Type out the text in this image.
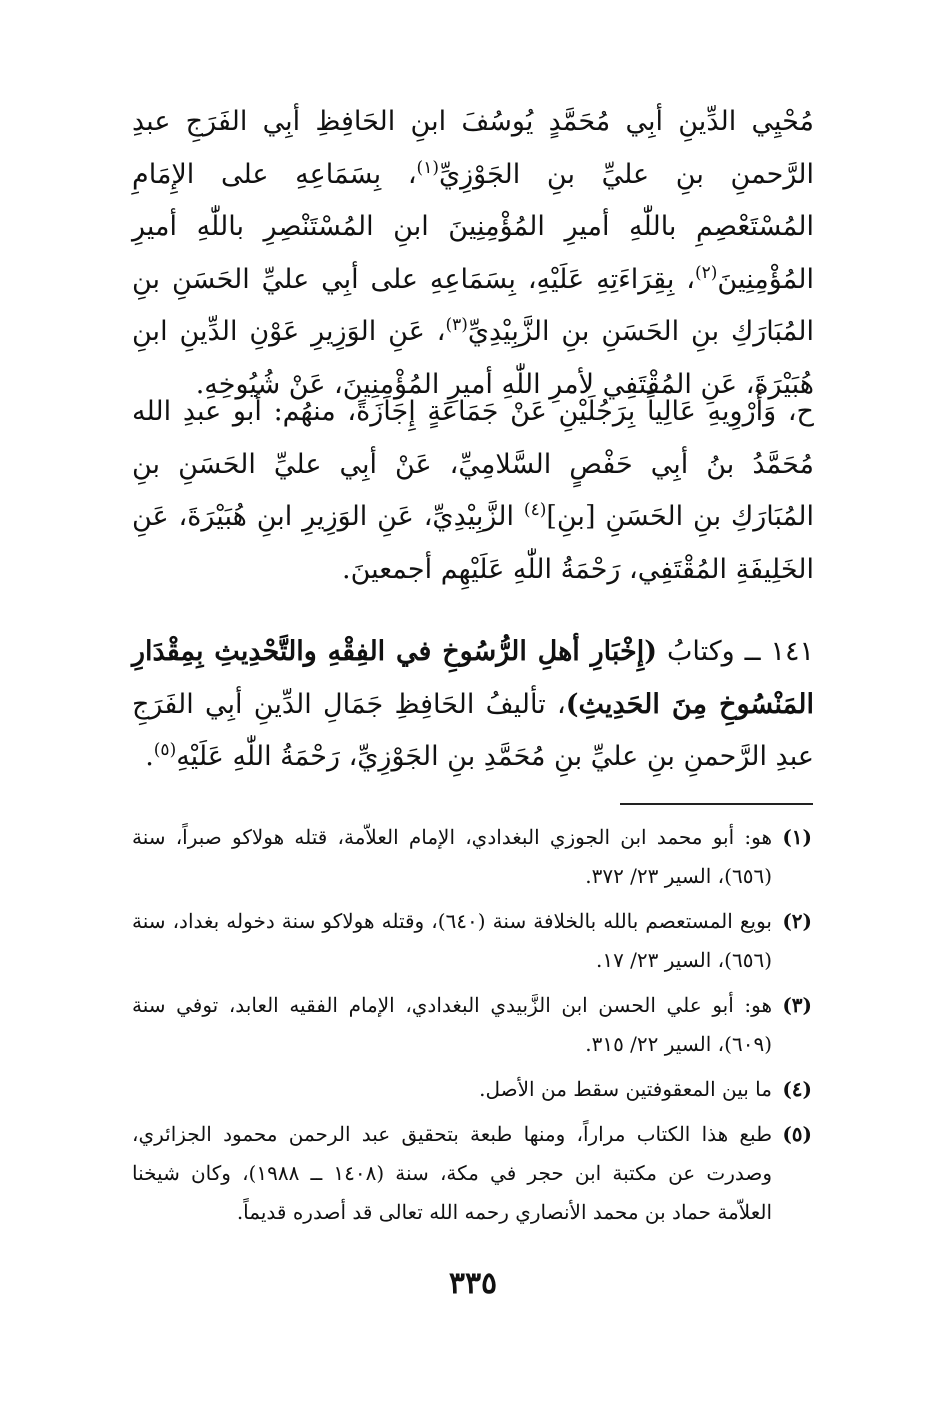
مُحْيِي الدِّينِ أبِي مُحَمَّدٍ يُوسُفَ ابنِ الحَافِظِ أبِي الفَرَجِ عبدِ الرَّحمنِ بنِ عليِّ بنِ الجَوْزِيِّ$^{(١)}$، بِسَمَاعِهِ على الإِمَامِ المُسْتَعْصِمِ باللّٰهِ أميرِ المُؤْمِنِينَ ابنِ المُسْتَنْصِرِ باللّٰهِ أميرِ المُؤْمِنِينَ$^{(٢)}$، بِقِرَاءَتِهِ عَلَيْهِ، بِسَمَاعِهِ على أبِي عليِّ الحَسَنِ بنِ المُبَارَكِ بنِ الحَسَنِ بنِ الزَّبِيْدِيِّ$^{(٣)}$، عَنِ الوَزِيرِ عَوْنِ الدِّينِ ابنِ هُبَيْرَةَ، عَنِ المُقْتَفِي لأمرِ اللّٰهِ أميرِ المُؤْمِنِينَ، عَنْ شُيُوخِهِ.

ح، وَأَرْوِيهِ عَالِياً بِرَجُلَيْنِ عَنْ جَمَاعَةٍ إِجَازَةً، منهُم: أبو عبدِ الله مُحَمَّدُ بنُ أبِي حَفْصٍ السَّلامِيِّ، عَنْ أبِي عليِّ الحَسَنِ بنِ المُبَارَكِ بنِ الحَسَنِ [بنِ]$^{(٤)}$ الزَّبِيْدِيِّ، عَنِ الوَزِيرِ ابنِ هُبَيْرَةَ، عَنِ الخَلِيفَةِ المُقْتَفِي، رَحْمَةُ اللّٰهِ عَلَيْهِم أجمعينَ.

١٤١ ــ وكتابُ (إِخْبَارِ أهلِ الرُّسُوخِ في الفِقْهِ والتَّحْدِيثِ بِمِقْدَارِ المَنْسُوخِ مِنَ الحَدِيثِ)، تأليفُ الحَافِظِ جَمَالِ الدِّينِ أبِي الفَرَجِ عبدِ الرَّحمنِ بنِ عليِّ بنِ مُحَمَّدِ بنِ الجَوْزِيِّ، رَحْمَةُ اللّٰهِ عَلَيْهِ$^{(٥)}$.

(١)
هو: أبو محمد ابن الجوزي البغدادي، الإمام العلاّمة، قتله هولاكو صبراً، سنة (٦٥٦)، السير ٢٣/ ٣٧٢.

(٢)
بويع المستعصم بالله بالخلافة سنة (٦٤٠)، وقتله هولاكو سنة دخوله بغداد، سنة (٦٥٦)، السير ٢٣/ ١٧.

(٣)
هو: أبو علي الحسن ابن الزَّبيدي البغدادي، الإمام الفقيه العابد، توفي سنة (٦٠٩)، السير ٢٢/ ٣١٥.

(٤)
ما بين المعقوفتين سقط من الأصل.

(٥)
طبع هذا الكتاب مراراً، ومنها طبعة بتحقيق عبد الرحمن محمود الجزائري، وصدرت عن مكتبة ابن حجر في مكة، سنة (١٤٠٨ ــ ١٩٨٨)، وكان شيخنا العلاّمة حماد بن محمد الأنصاري رحمه الله تعالى قد أصدره قديماً.

٣٣٥
